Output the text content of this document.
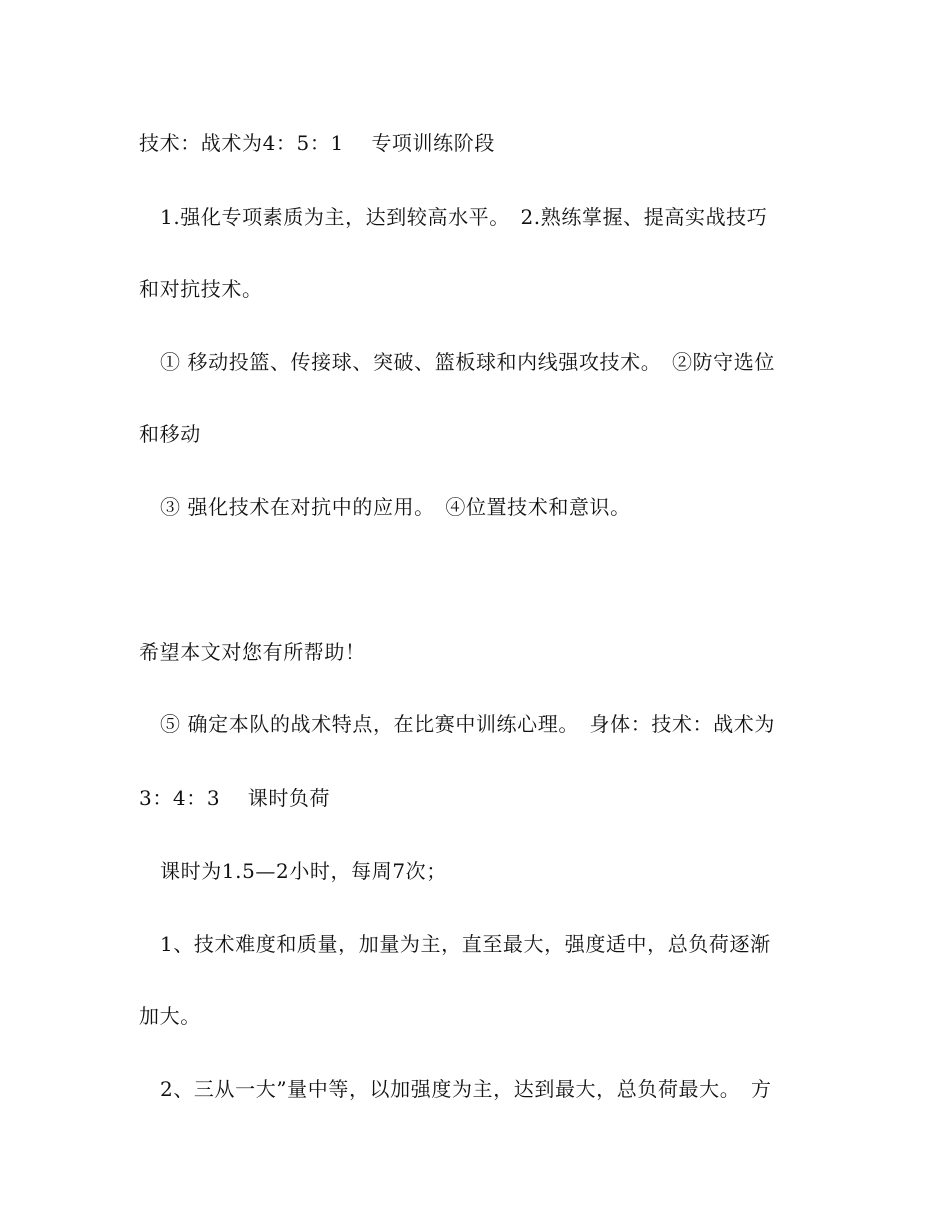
技术：战术为4：5：1　 专项训练阶段
1.强化专项素质为主，达到较高水平。　2.熟练掌握、提高实战技巧
和对抗技术。
① 移动投篮、传接球、突破、篮板球和内线强攻技术。　②防守选位
和移动
③ 强化技术在对抗中的应用。　④位置技术和意识。
希望本文对您有所帮助！
⑤ 确定本队的战术特点，在比赛中训练心理。　身体：技术：战术为
3：4：3　 课时负荷
课时为1.5—2小时，每周7次；
1、技术难度和质量，加量为主，直至最大，强度适中，总负荷逐渐
加大。
2、三从一大”量中等，以加强度为主，达到最大，总负荷最大。　方
